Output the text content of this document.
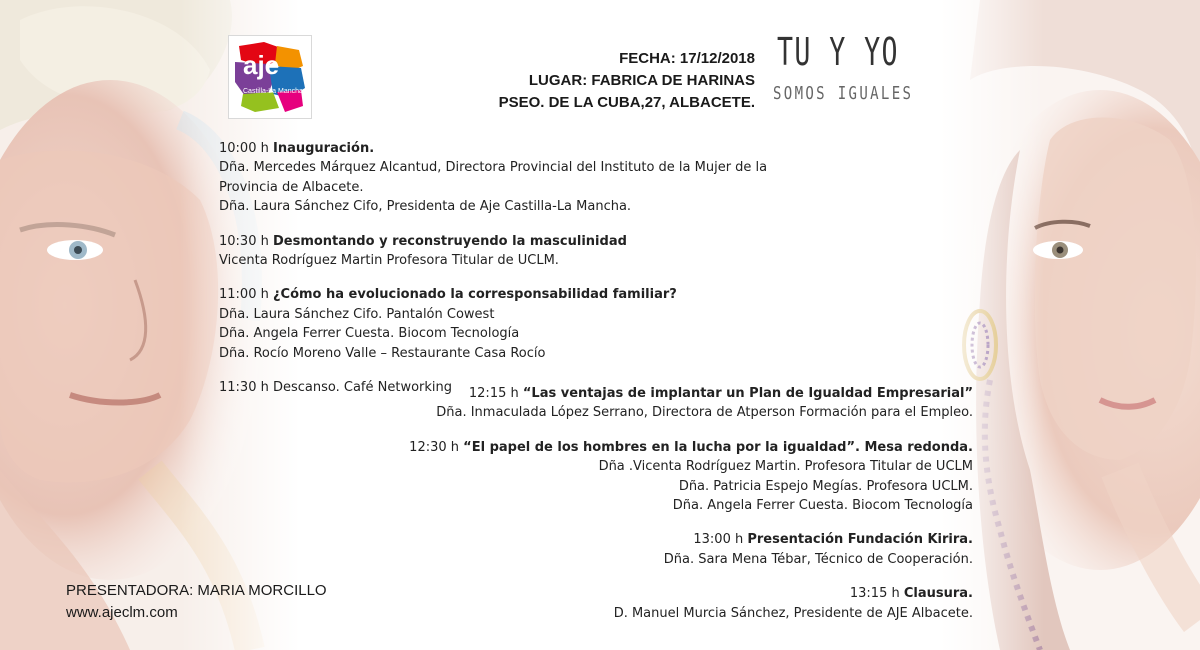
aje
Castilla-La Mancha
FECHA: 17/12/2018
LUGAR: FABRICA DE HARINAS
PSEO. DE LA CUBA,27, ALBACETE.
TU Y YO
SOMOS IGUALES

10:00 h Inauguración.

Dña. Mercedes Márquez Alcantud, Directora Provincial del Instituto de la Mujer de la

Provincia de Albacete.

Dña. Laura Sánchez Cifo, Presidenta de Aje Castilla-La Mancha.

10:30 h Desmontando y reconstruyendo la masculinidad

Vicenta Rodríguez Martin Profesora Titular de UCLM.

11:00 h ¿Cómo ha evolucionado la corresponsabilidad familiar?

Dña. Laura Sánchez Cifo. Pantalón Cowest

Dña. Angela Ferrer Cuesta. Biocom Tecnología

Dña. Rocío Moreno Valle – Restaurante Casa Rocío

11:30 h Descanso. Café Networking	12:15 h “Las ventajas de implantar un Plan de Igualdad Empresarial”

Dña. Inmaculada López Serrano, Directora de Atperson Formación para el Empleo.

12:30 h “El papel de los hombres en la lucha por la igualdad”. Mesa redonda.

Dña .Vicenta Rodríguez Martin. Profesora Titular de UCLM

Dña. Patricia Espejo Megías. Profesora UCLM.

Dña. Angela Ferrer Cuesta. Biocom Tecnología

13:00 h Presentación Fundación Kirira.

Dña. Sara Mena Tébar, Técnico de Cooperación.

13:15 h Clausura.

D. Manuel Murcia Sánchez, Presidente de AJE Albacete.

PRESENTADORA: MARIA MORCILLO
www.ajeclm.com
